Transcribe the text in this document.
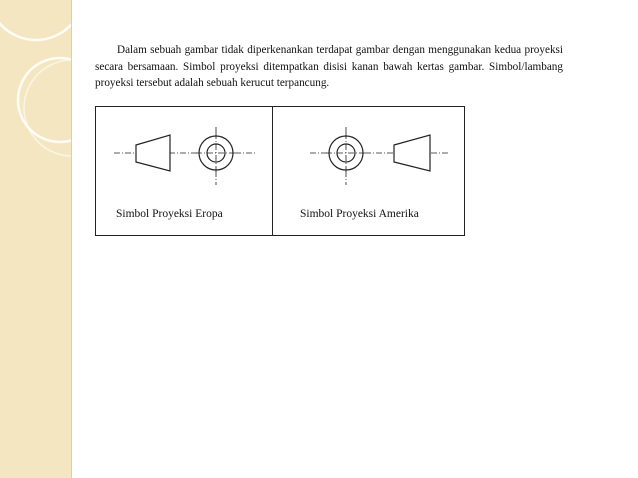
Dalam sebuah gambar tidak diperkenankan terdapat gambar dengan menggunakan kedua proyeksi secara bersamaan. Simbol proyeksi ditempatkan disisi kanan bawah kertas gambar. Simbol/lambang proyeksi tersebut adalah sebuah kerucut terpancung.

Simbol Proyeksi Eropa	Simbol Proyeksi Amerika
